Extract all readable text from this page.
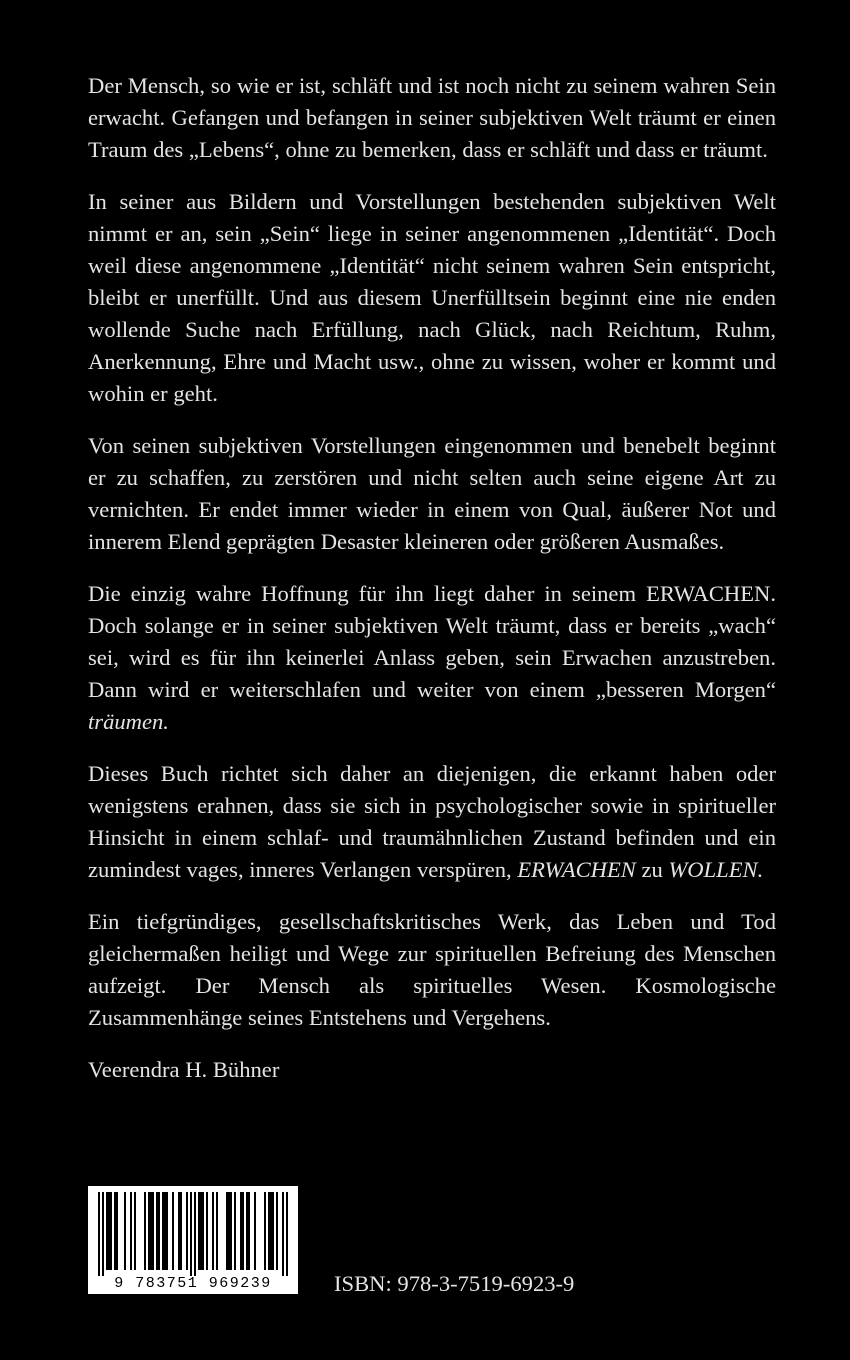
Der Mensch, so wie er ist, schläft und ist noch nicht zu seinem wahren Sein erwacht. Gefangen und befangen in seiner subjektiven Welt träumt er einen Traum des „Lebens“, ohne zu bemerken, dass er schläft und dass er träumt.

In seiner aus Bildern und Vorstellungen bestehenden subjektiven Welt nimmt er an, sein „Sein“ liege in seiner angenommenen „Identität“. Doch weil diese angenommene „Identität“ nicht seinem wahren Sein entspricht, bleibt er unerfüllt. Und aus diesem Unerfülltsein beginnt eine nie enden wollende Suche nach Erfüllung, nach Glück, nach Reichtum, Ruhm, Anerkennung, Ehre und Macht usw., ohne zu wissen, woher er kommt und wohin er geht.

Von seinen subjektiven Vorstellungen eingenommen und benebelt beginnt er zu schaffen, zu zerstören und nicht selten auch seine eigene Art zu vernichten. Er endet immer wieder in einem von Qual, äußerer Not und innerem Elend geprägten Desaster kleineren oder größeren Ausmaßes.

Die einzig wahre Hoffnung für ihn liegt daher in seinem ERWACHEN. Doch solange er in seiner subjektiven Welt träumt, dass er bereits „wach“ sei, wird es für ihn keinerlei Anlass geben, sein Erwachen anzustreben. Dann wird er weiterschlafen und weiter von einem „besseren Morgen“ träumen.

Dieses Buch richtet sich daher an diejenigen, die erkannt haben oder wenigstens erahnen, dass sie sich in psychologischer sowie in spiritueller Hinsicht in einem schlaf- und traumähnlichen Zustand befinden und ein zumindest vages, inneres Verlangen verspüren, ERWACHEN zu WOLLEN.

Ein tiefgründiges, gesellschaftskritisches Werk, das Leben und Tod gleichermaßen heiligt und Wege zur spirituellen Befreiung des Menschen aufzeigt. Der Mensch als spirituelles Wesen. Kosmologische Zusammenhänge seines Entstehens und Vergehens.

Veerendra H. Bühner

9 783751 969239	ISBN: 978-3-7519-6923-9
